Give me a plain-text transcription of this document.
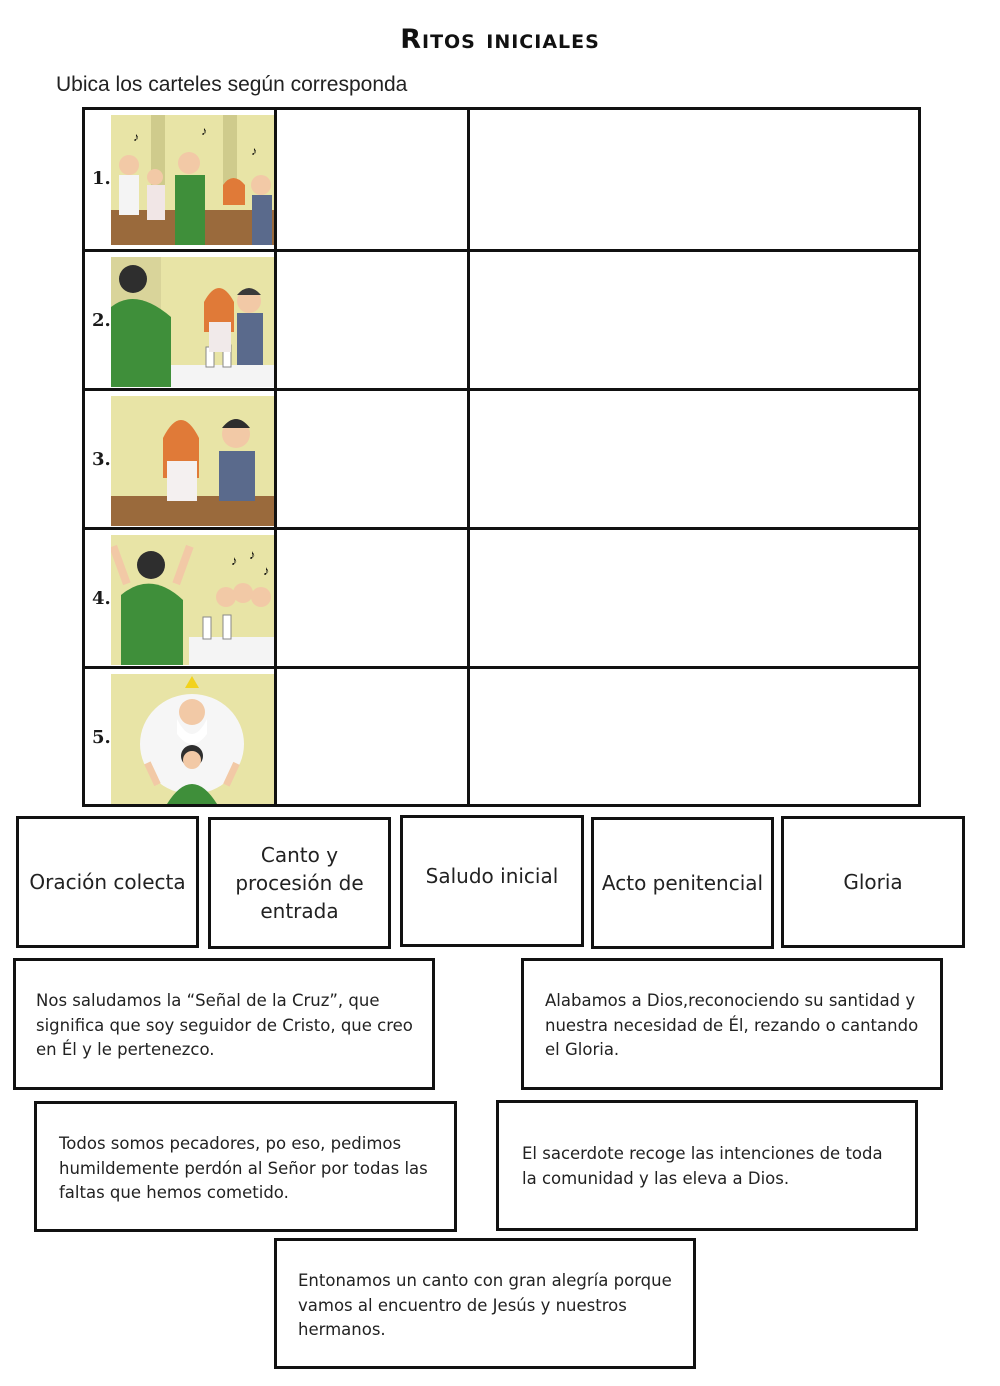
Ritos iniciales
Ubica los carteles según corresponda
1.
♪	♪
♪
2.
3.
4.
♪ ♪
♪
5.
Oración colecta
Canto y procesión de entrada
Saludo inicial	Acto penitencial	Gloria
Nos saludamos la “Señal de la Cruz”, que significa que soy seguidor de Cristo, que creo en Él y le pertenezco.
Alabamos a Dios,reconociendo su santidad y nuestra necesidad de Él, rezando o cantando el Gloria.
Todos somos pecadores, po eso, pedimos humildemente perdón al Señor por todas las faltas que hemos cometido.
El sacerdote recoge las intenciones de toda la comunidad y las eleva a Dios.
Entonamos un canto con gran alegría porque vamos al encuentro de Jesús y nuestros hermanos.
